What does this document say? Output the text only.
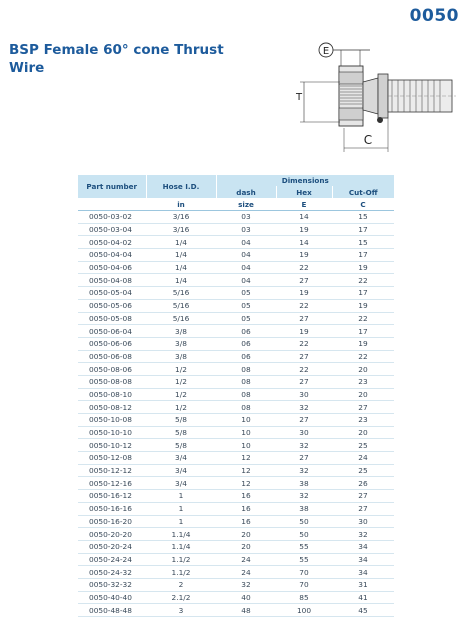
0050
BSP Female 60° cone Thrust Wire
E
T
C
Part number	Hose I.D.	Dimensions		
		dash	Hex	Cut-Off
	in	size	E	C
0050-03-02	3/16	03	14	15
0050-03-04	3/16	03	19	17
0050-04-02	1/4	04	14	15
0050-04-04	1/4	04	19	17
0050-04-06	1/4	04	22	19
0050-04-08	1/4	04	27	22
0050-05-04	5/16	05	19	17
0050-05-06	5/16	05	22	19
0050-05-08	5/16	05	27	22
0050-06-04	3/8	06	19	17
0050-06-06	3/8	06	22	19
0050-06-08	3/8	06	27	22
0050-08-06	1/2	08	22	20
0050-08-08	1/2	08	27	23
0050-08-10	1/2	08	30	20
0050-08-12	1/2	08	32	27
0050-10-08	5/8	10	27	23
0050-10-10	5/8	10	30	20
0050-10-12	5/8	10	32	25
0050-12-08	3/4	12	27	24
0050-12-12	3/4	12	32	25
0050-12-16	3/4	12	38	26
0050-16-12	1	16	32	27
0050-16-16	1	16	38	27
0050-16-20	1	16	50	30
0050-20-20	1.1/4	20	50	32
0050-20-24	1.1/4	20	55	34
0050-24-24	1.1/2	24	55	34
0050-24-32	1.1/2	24	70	34
0050-32-32	2	32	70	31
0050-40-40	2.1/2	40	85	41
0050-48-48	3	48	100	45
